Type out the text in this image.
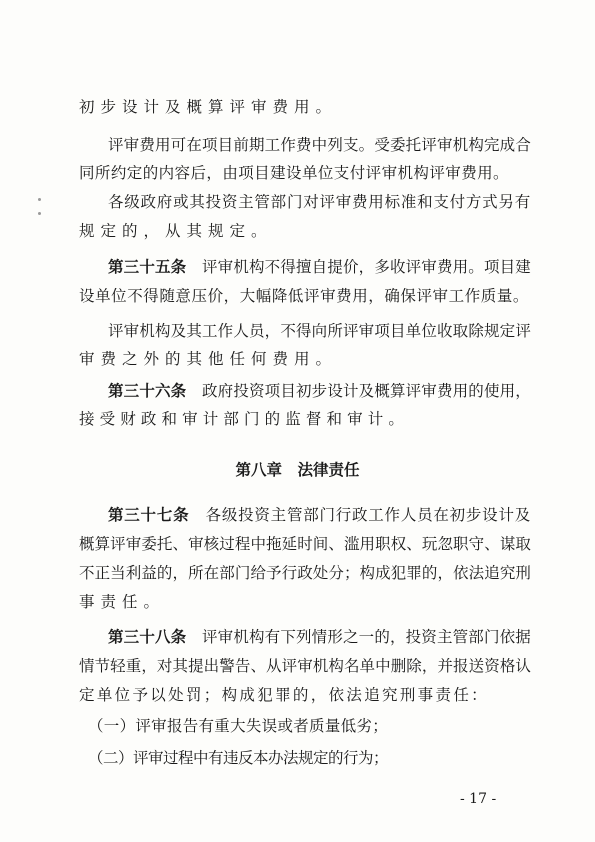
初步设计及概算评审费用。
评审费用可在项目前期工作费中列支。受委托评审机构完成合
同所约定的内容后，由项目建设单位支付评审机构评审费用。
各级政府或其投资主管部门对评审费用标准和支付方式另有
规定的，从其规定。
第三十五条　评审机构不得擅自提价，多收评审费用。项目建
设单位不得随意压价，大幅降低评审费用，确保评审工作质量。
评审机构及其工作人员，不得向所评审项目单位收取除规定评
审费之外的其他任何费用。
第三十六条　政府投资项目初步设计及概算评审费用的使用，
接受财政和审计部门的监督和审计。
第八章　法律责任
第三十七条　各级投资主管部门行政工作人员在初步设计及
概算评审委托、审核过程中拖延时间、滥用职权、玩忽职守、谋取
不正当利益的，所在部门给予行政处分；构成犯罪的，依法追究刑
事责任。
第三十八条　评审机构有下列情形之一的，投资主管部门依据
情节轻重，对其提出警告、从评审机构名单中删除，并报送资格认
定单位予以处罚；构成犯罪的，依法追究刑事责任：
（一）评审报告有重大失误或者质量低劣；
（二）评审过程中有违反本办法规定的行为；
- 17 -
